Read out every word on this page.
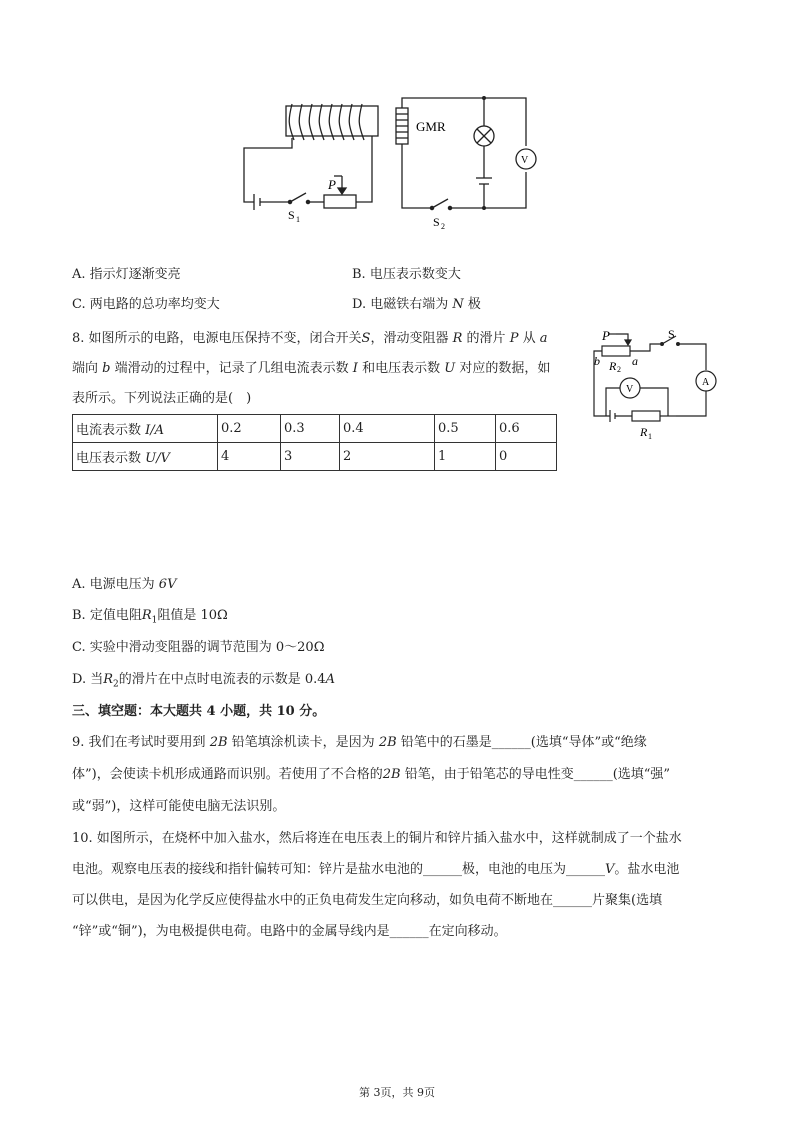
GMR
P
S 1	S 2
V
A. 指示灯逐渐变亮	B. 电压表示数变大
C. 两电路的总功率均变大	D. 电磁铁右端为 N 极
8. 如图所示的电路，电源电压保持不变，闭合开关S，滑动变阻器 R 的滑片 P 从 a
端向 b 端滑动的过程中，记录了几组电流表示数 I 和电压表示数 U 对应的数据，如
表所示。下列说法正确的是(　)
P	S
b	a
R 2
R 1
V
A
电流表示数 I/A	0.2	0.3	0.4	0.5	0.6
电压表示数 U/V	4	3	2	1	0
A. 电源电压为 6V
B. 定值电阻$R_1$阻值是 10Ω
C. 实验中滑动变阻器的调节范围为 0～20Ω
D. 当$R_2$的滑片在中点时电流表的示数是 0.4A
三、填空题：本大题共 4 小题，共 10 分。
9. 我们在考试时要用到 2B 铅笔填涂机读卡，是因为 2B 铅笔中的石墨是______(选填“导体”或“绝缘
体”)，会使读卡机形成通路而识别。若使用了不合格的2B 铅笔，由于铅笔芯的导电性变______(选填“强”
或“弱”)，这样可能使电脑无法识别。
10. 如图所示，在烧杯中加入盐水，然后将连在电压表上的铜片和锌片插入盐水中，这样就制成了一个盐水
电池。观察电压表的接线和指针偏转可知：锌片是盐水电池的______极，电池的电压为______V。盐水电池
可以供电，是因为化学反应使得盐水中的正负电荷发生定向移动，如负电荷不断地在______片聚集(选填
“锌”或“铜”)，为电极提供电荷。电路中的金属导线内是______在定向移动。
第 3页，共 9页
